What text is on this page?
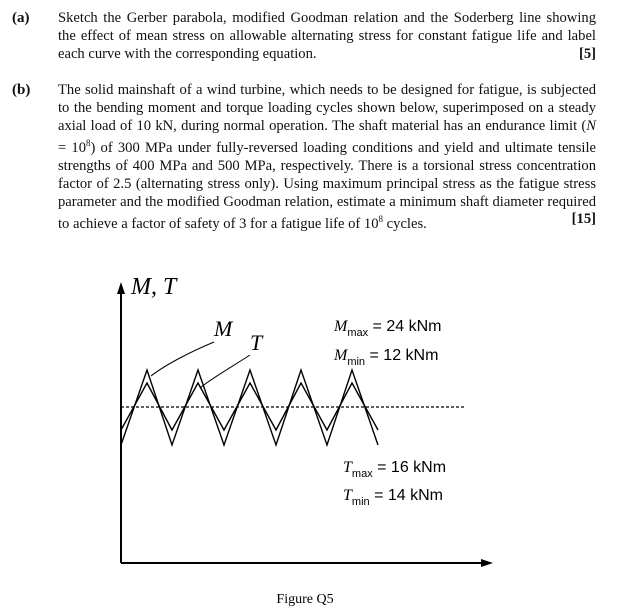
(a) Sketch the Gerber parabola, modified Goodman relation and the Soderberg line showing the effect of mean stress on allowable alternating stress for constant fatigue life and label each curve with the corresponding equation.	[5]
(b) The solid mainshaft of a wind turbine, which needs to be designed for fatigue, is subjected to the bending moment and torque loading cycles shown below, superimposed on a steady axial load of 10 kN, during normal operation. The shaft material has an endurance limit $(N = 10^8)$ of 300 MPa under fully-reversed loading conditions and yield and ultimate tensile strengths of 400 MPa and 500 MPa, respectively. There is a torsional stress concentration factor of 2.5 (alternating stress only). Using maximum principal stress as the fatigue stress parameter and the modified Goodman relation, estimate a minimum shaft diameter required to achieve a factor of safety of 3 for a fatigue life of $10^8$ cycles.	[15]
M, T
M
T
$M_{max} = 24$ kNm
$M_{min} = 12$ kNm
$T_{max} = 16$ kNm
$T_{min} = 14$ kNm
Figure Q5
